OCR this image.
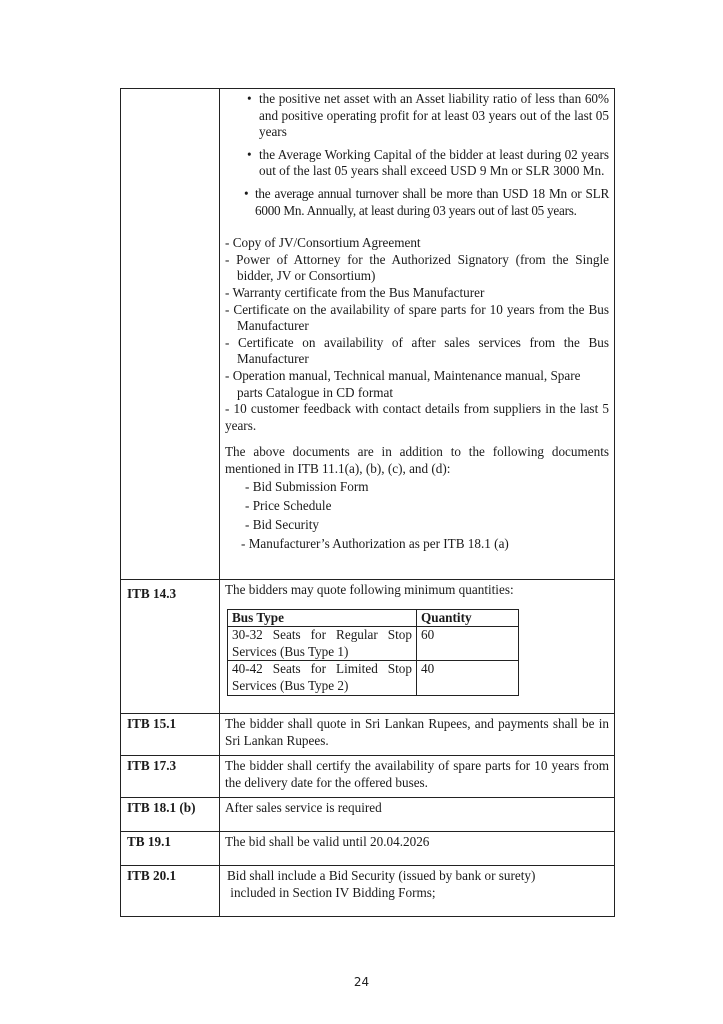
• the positive net asset with an Asset liability ratio of less than 60% and positive operating profit for at least 03 years out of the last 05 years
• the Average Working Capital of the bidder at least during 02 years out of the last 05 years shall exceed USD 9 Mn or SLR 3000 Mn.
• the average annual turnover shall be more than USD 18 Mn or SLR 6000 Mn. Annually, at least during 03 years out of last 05 years.
- Copy of JV/Consortium Agreement
- Power of Attorney for the Authorized Signatory (from the Single bidder, JV or Consortium)
- Warranty certificate from the Bus Manufacturer
- Certificate on the availability of spare parts for 10 years from the Bus Manufacturer
- Certificate on availability of after sales services from the Bus Manufacturer
- Operation manual, Technical manual, Maintenance manual, Spare parts Catalogue in CD format
- 10 customer feedback with contact details from suppliers in the last 5 years.
The above documents are in addition to the following documents mentioned in ITB 11.1(a), (b), (c), and (d):
- Bid Submission Form
- Price Schedule
- Bid Security
- Manufacturer’s Authorization as per ITB 18.1 (a)
ITB 14.3	The bidders may quote following minimum quantities:
Bus Type	Quantity
30-32 Seats for Regular Stop Services (Bus Type 1)	60
40-42 Seats for Limited Stop Services (Bus Type 2)	40
ITB 15.1	The bidder shall quote in Sri Lankan Rupees, and payments shall be in Sri Lankan Rupees.
ITB 17.3	The bidder shall certify the availability of spare parts for 10 years from the delivery date for the offered buses.
ITB 18.1 (b)	After sales service is required
TB 19.1	The bid shall be valid until 20.04.2026
ITB 20.1	Bid shall include a Bid Security (issued by bank or surety)
included in Section IV Bidding Forms;
24
